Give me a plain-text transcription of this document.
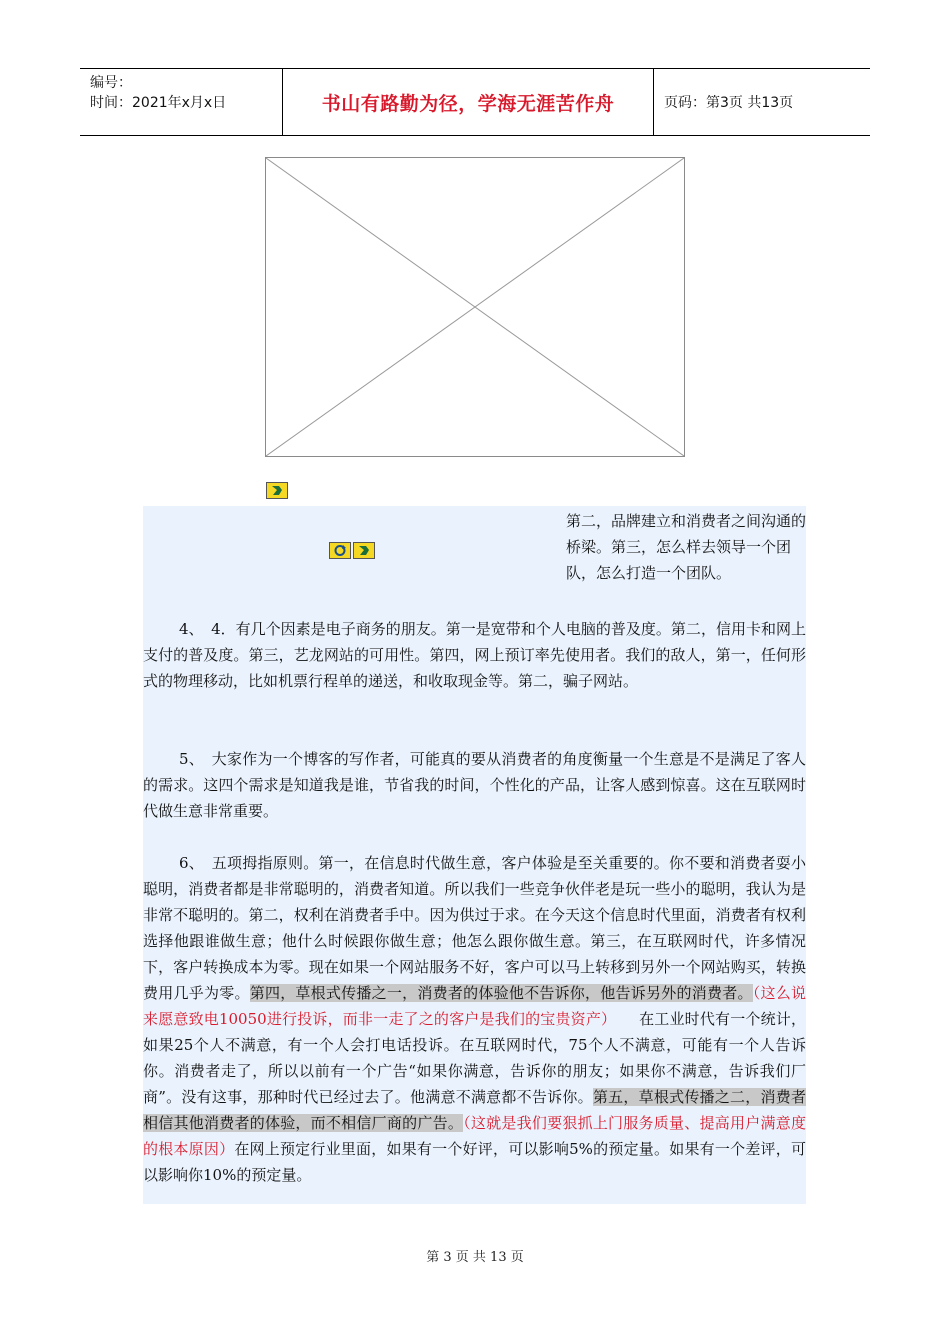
编号：
时间：2021年x月x日	书山有路勤为径，学海无涯苦作舟	页码：第3页 共13页
第二，品牌建立和消费者之间沟通的桥梁。第三，怎么样去领导一个团队，怎么打造一个团队。
4、　4．有几个因素是电子商务的朋友。第一是宽带和个人电脑的普及度。第二，信用卡和网上支付的普及度。第三，艺龙网站的可用性。第四，网上预订率先使用者。我们的敌人，第一，任何形式的物理移动，比如机票行程单的递送，和收取现金等。第二，骗子网站。
5、　大家作为一个博客的写作者，可能真的要从消费者的角度衡量一个生意是不是满足了客人的需求。这四个需求是知道我是谁，节省我的时间，个性化的产品，让客人感到惊喜。这在互联网时代做生意非常重要。
6、　五项拇指原则。第一，在信息时代做生意，客户体验是至关重要的。你不要和消费者耍小聪明，消费者都是非常聪明的，消费者知道。所以我们一些竞争伙伴老是玩一些小的聪明，我认为是非常不聪明的。第二，权利在消费者手中。因为供过于求。在今天这个信息时代里面，消费者有权利选择他跟谁做生意；他什么时候跟你做生意；他怎么跟你做生意。第三，在互联网时代，许多情况下，客户转换成本为零。现在如果一个网站服务不好，客户可以马上转移到另外一个网站购买，转换费用几乎为零。第四，草根式传播之一，消费者的体验他不告诉你，他告诉另外的消费者。（这么说来愿意致电10050进行投诉，而非一走了之的客户是我们的宝贵资产）　　在工业时代有一个统计，如果25个人不满意，有一个人会打电话投诉。在互联网时代，75个人不满意，可能有一个人告诉你。消费者走了，所以以前有一个广告“如果你满意，告诉你的朋友；如果你不满意，告诉我们厂商”。没有这事，那种时代已经过去了。他满意不满意都不告诉你。第五，草根式传播之二，消费者相信其他消费者的体验，而不相信厂商的广告。（这就是我们要狠抓上门服务质量、提高用户满意度的根本原因）在网上预定行业里面，如果有一个好评，可以影响5%的预定量。如果有一个差评，可以影响你10%的预定量。
第 3 页 共 13 页
